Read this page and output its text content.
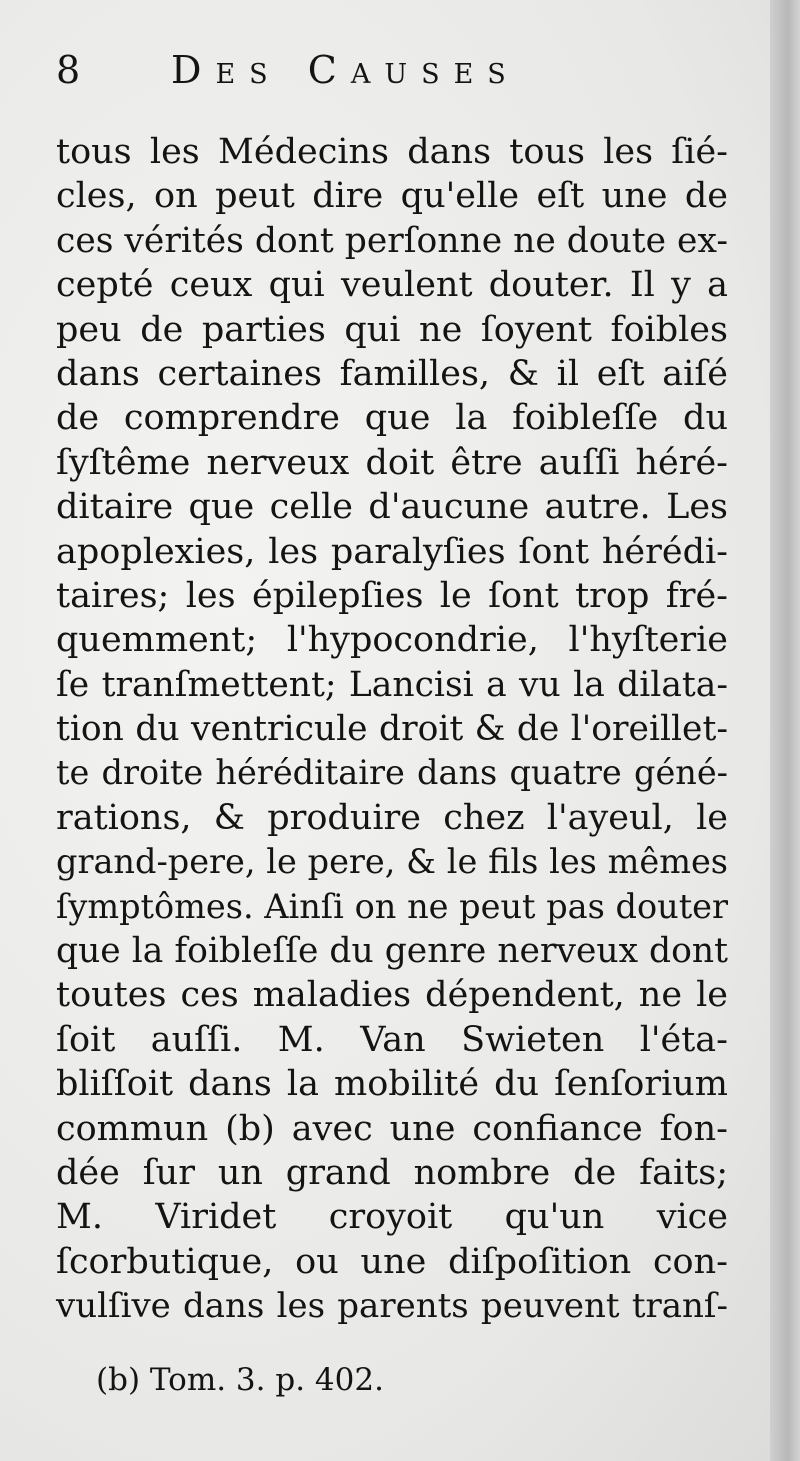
8 Des Causes
tous les Médecins dans tous les ſié-
cles, on peut dire qu'elle eſt une de
ces vérités dont perſonne ne doute ex-
cepté ceux qui veulent douter. Il y a
peu de parties qui ne ſoyent foibles
dans certaines familles, & il eſt aiſé
de comprendre que la foibleſſe du
ſyſtême nerveux doit être auſſi héré-
ditaire que celle d'aucune autre. Les
apoplexies, les paralyſies ſont hérédi-
taires; les épilepſies le ſont trop fré-
quemment; l'hypocondrie, l'hyſterie
ſe tranſmettent; Lancisi a vu la dilata-
tion du ventricule droit & de l'oreillet-
te droite héréditaire dans quatre géné-
rations, & produire chez l'ayeul, le
grand-pere, le pere, & le fils les mêmes
ſymptômes. Ainſi on ne peut pas douter
que la foibleſſe du genre nerveux dont
toutes ces maladies dépendent, ne le
ſoit auſſi. M. Van Swieten l'éta-
bliſſoit dans la mobilité du ſenſorium
commun (b) avec une confiance fon-
dée ſur un grand nombre de faits;
M. Viridet croyoit qu'un vice
ſcorbutique, ou une diſpoſition con-
vulſive dans les parents peuvent tranſ-
(b) Tom. 3. p. 402.
